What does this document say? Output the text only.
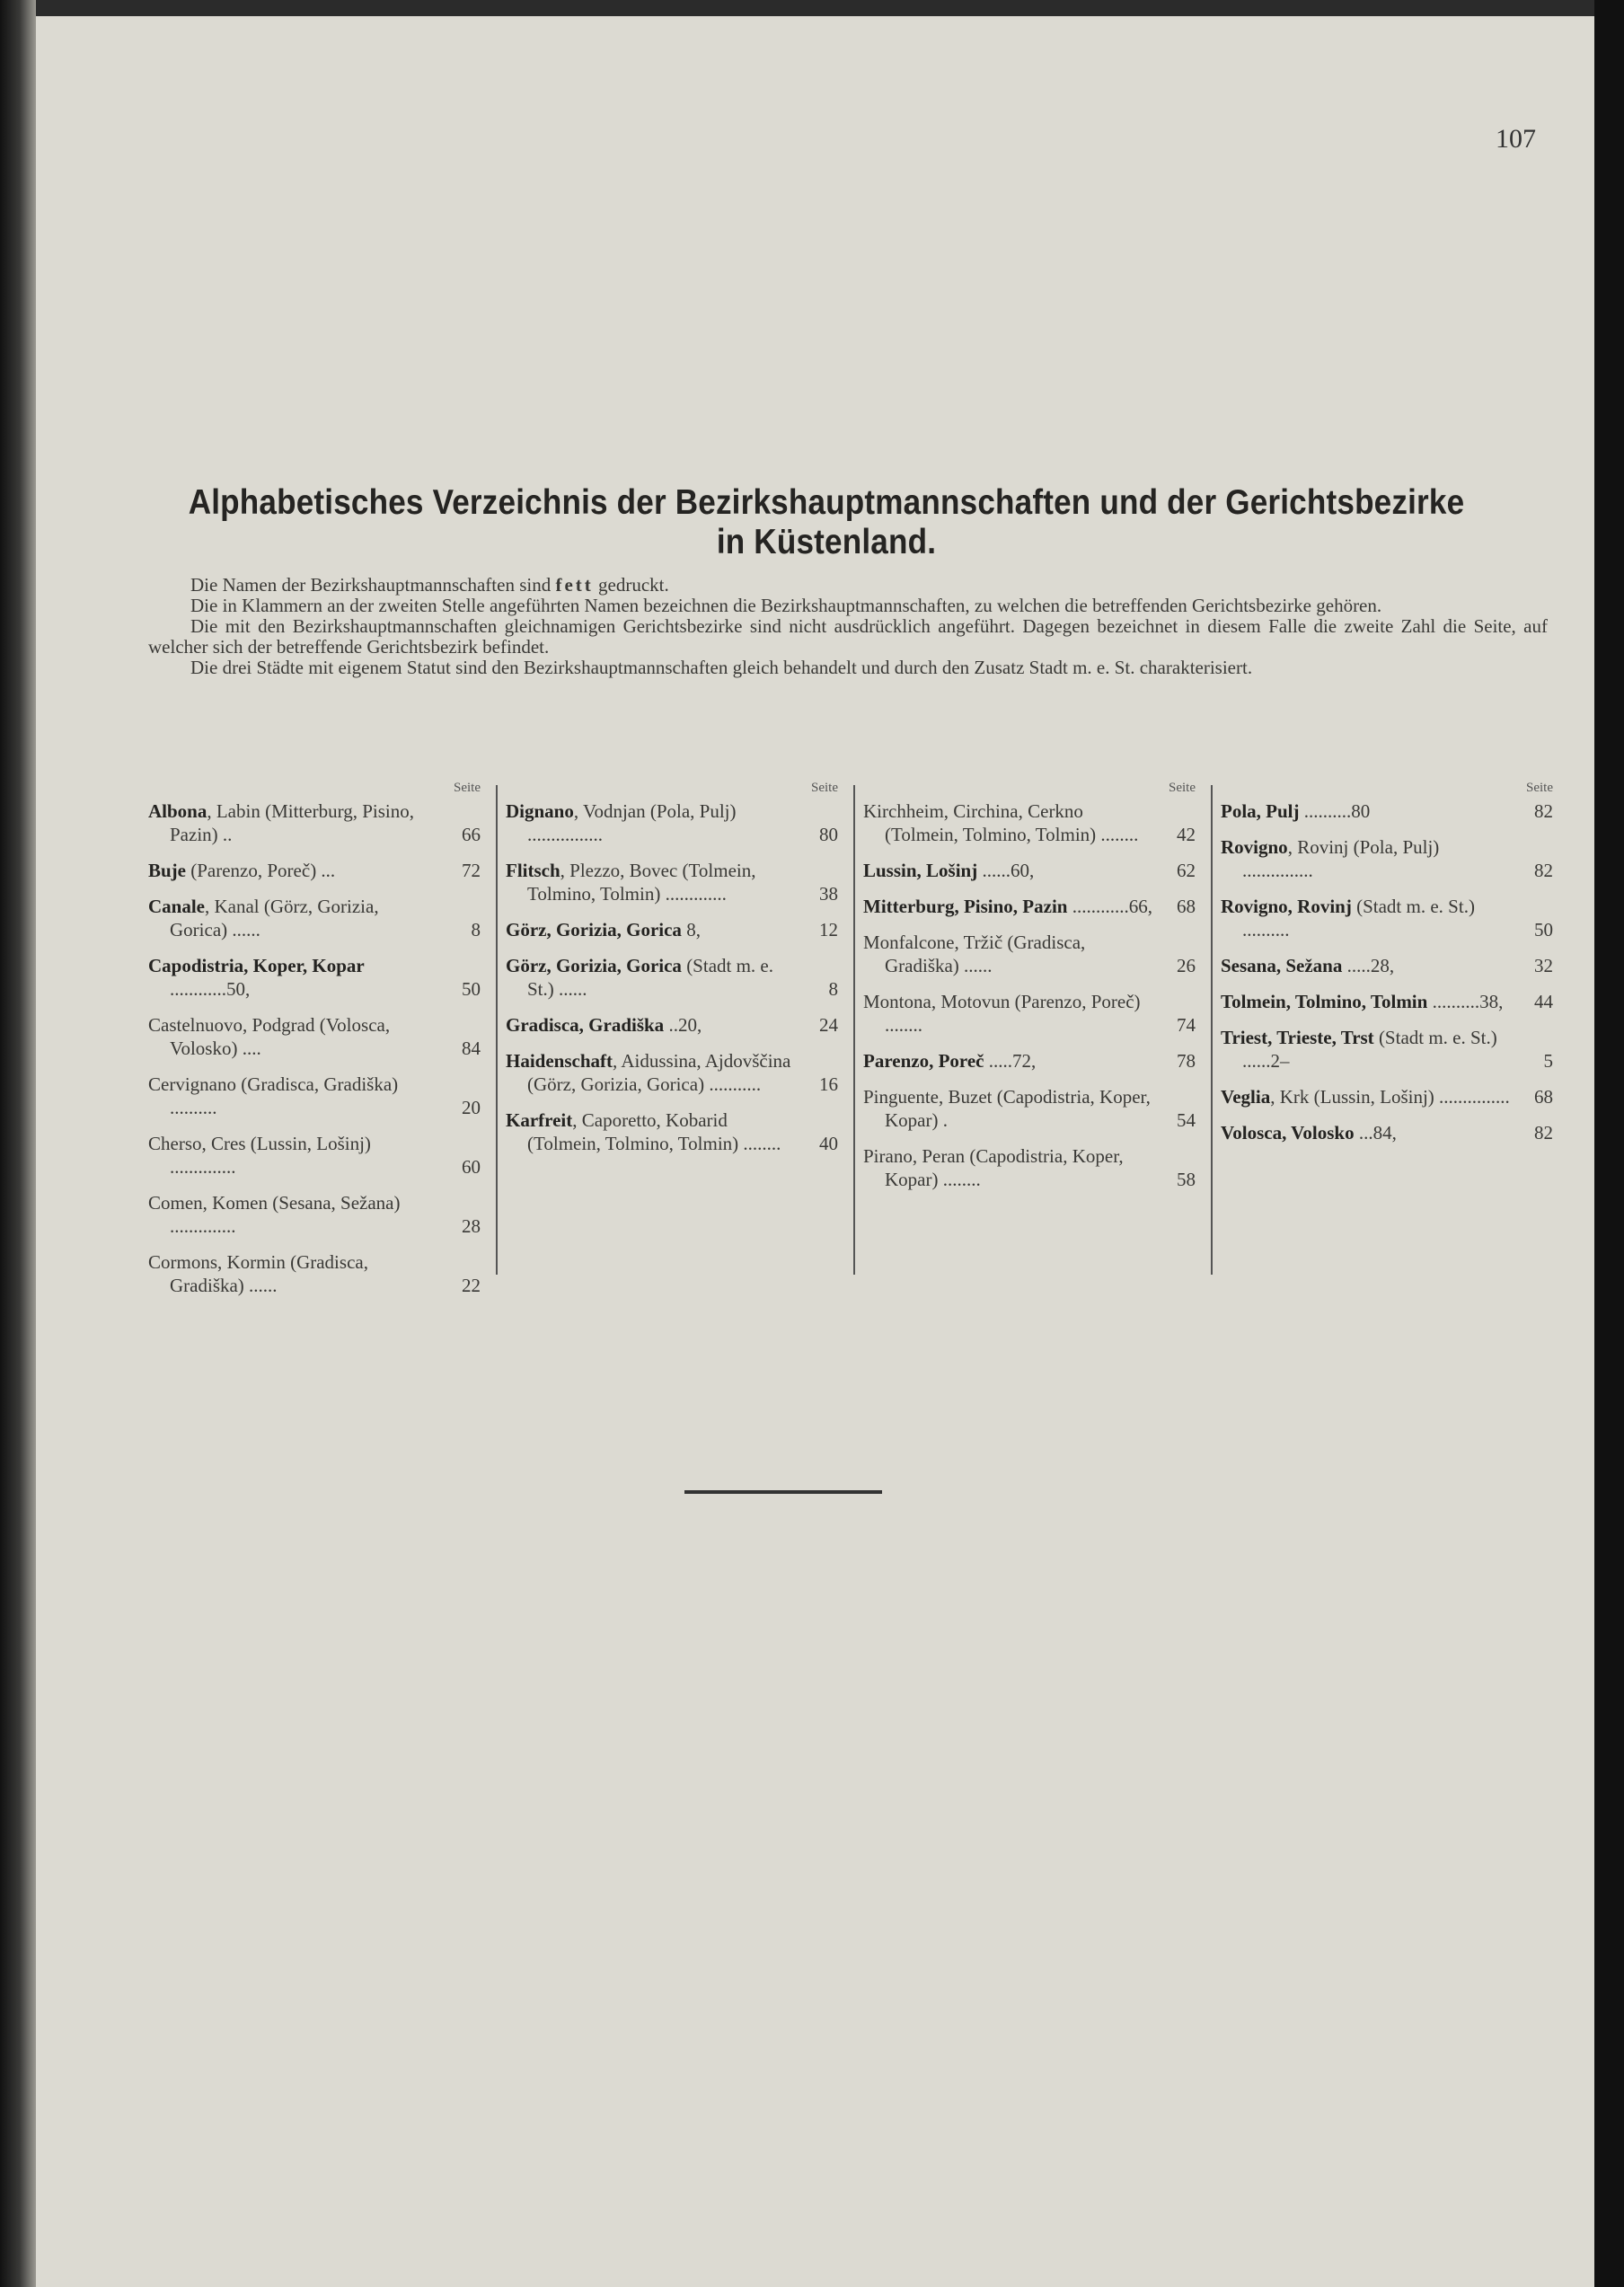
107
Alphabetisches Verzeichnis der Bezirkshauptmannschaften und der Gerichtsbezirke in Küstenland.

Die Namen der Bezirkshauptmannschaften sind fett gedruckt.

Die in Klammern an der zweiten Stelle angeführten Namen bezeichnen die Bezirkshauptmannschaften, zu welchen die betreffenden Gerichtsbezirke gehören.

Die mit den Bezirkshauptmannschaften gleichnamigen Gerichtsbezirke sind nicht ausdrücklich angeführt. Dagegen bezeichnet in diesem Falle die zweite Zahl die Seite, auf welcher sich der betreffende Gerichtsbezirk befindet.

Die drei Städte mit eigenem Statut sind den Bezirkshauptmannschaften gleich behandelt und durch den Zusatz Stadt m. e. St. charakterisiert.

Seite
Albona, Labin (Mitterburg, Pisino, Pazin) ..	66
Buje (Parenzo, Poreč) ...	72
Canale, Kanal (Görz, Gorizia, Gorica) ......	8
Capodistria, Koper, Kopar ............50,	50
Castelnuovo, Podgrad (Volosca, Volosko) ....	84
Cervignano (Gradisca, Gradiška) ..........	20
Cherso, Cres (Lussin, Lošinj) ..............	60
Comen, Komen (Sesana, Sežana) ..............	28
Cormons, Kormin (Gradisca, Gradiška) ......	22
Seite
Dignano, Vodnjan (Pola, Pulj) ................	80
Flitsch, Plezzo, Bovec (Tolmein, Tolmino, Tolmin) .............	38
Görz, Gorizia, Gorica 8,	12
Görz, Gorizia, Gorica (Stadt m. e. St.) ......	8
Gradisca, Gradiška ..20,	24
Haidenschaft, Aidussina, Ajdovščina (Görz, Gorizia, Gorica) ...........	16
Karfreit, Caporetto, Kobarid (Tolmein, Tolmino, Tolmin) ........	40
Seite
Kirchheim, Circhina, Cerkno (Tolmein, Tolmino, Tolmin) ........	42
Lussin, Lošinj ......60,	62
Mitterburg, Pisino, Pazin ............66,	68
Monfalcone, Tržič (Gradisca, Gradiška) ......	26
Montona, Motovun (Parenzo, Poreč) ........	74
Parenzo, Poreč .....72,	78
Pinguente, Buzet (Capodistria, Koper, Kopar) .	54
Pirano, Peran (Capodistria, Koper, Kopar) ........	58
Seite
Pola, Pulj ..........80	82
Rovigno, Rovinj (Pola, Pulj) ...............	82
Rovigno, Rovinj (Stadt m. e. St.) ..........	50
Sesana, Sežana .....28,	32
Tolmein, Tolmino, Tolmin ..........38,	44
Triest, Trieste, Trst (Stadt m. e. St.) ......2–	5
Veglia, Krk (Lussin, Lošinj) ...............	68
Volosca, Volosko ...84,	82
